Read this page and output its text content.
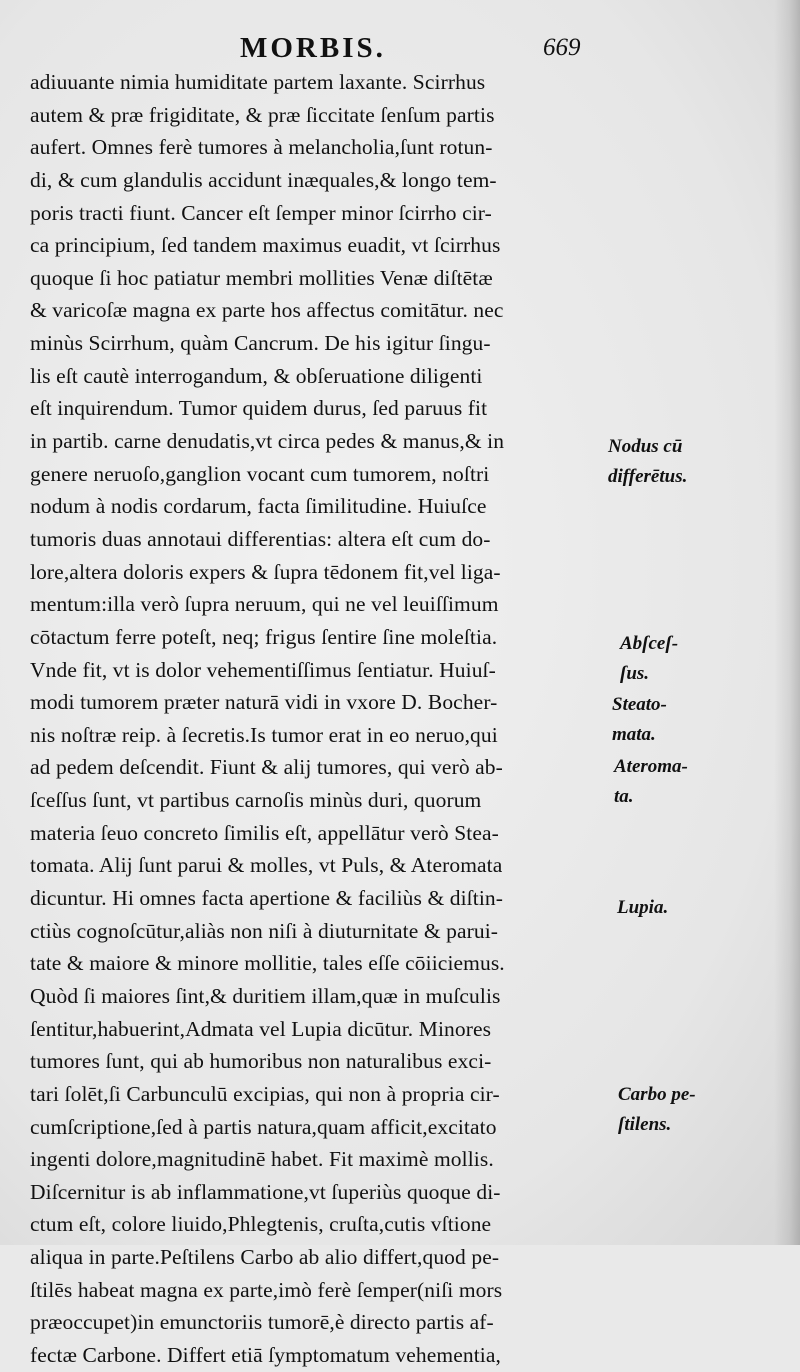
MORBIS.	669
adiuuante nimia humiditate partem laxante. Scirrhus
autem & præ frigiditate, & præ ſiccitate ſenſum partis
aufert. Omnes ferè tumores à melancholia,ſunt rotun-
di, & cum glandulis accidunt inæquales,& longo tem-
poris tracti fiunt. Cancer eſt ſemper minor ſcirrho cir-
ca principium, ſed tandem maximus euadit, vt ſcirrhus
quoque ſi hoc patiatur membri mollities Venæ diſtētæ
& varicoſæ magna ex parte hos affectus comitātur. nec
minùs Scirrhum, quàm Cancrum. De his igitur ſingu-
lis eſt cautè interrogandum, & obſeruatione diligenti
eſt inquirendum. Tumor quidem durus, ſed paruus fit
in partib. carne denudatis,vt circa pedes & manus,& in
genere neruoſo,ganglion vocant cum tumorem, noſtri
nodum à nodis cordarum, facta ſimilitudine. Huiuſce
tumoris duas annotaui differentias: altera eſt cum do-
lore,altera doloris expers & ſupra tēdonem fit,vel liga-
mentum:illa verò ſupra neruum, qui ne vel leuiſſimum
cōtactum ferre poteſt, neq; frigus ſentire ſine moleſtia.
Vnde fit, vt is dolor vehementiſſimus ſentiatur. Huiuſ-
modi tumorem præter naturā vidi in vxore D. Bocher-
nis noſtræ reip. à ſecretis.Is tumor erat in eo neruo,qui
ad pedem deſcendit. Fiunt & alij tumores, qui verò ab-
ſceſſus ſunt, vt partibus carnoſis minùs duri, quorum
materia ſeuo concreto ſimilis eſt, appellātur verò Stea-
tomata. Alij ſunt parui & molles, vt Puls, & Ateromata
dicuntur. Hi omnes facta apertione & faciliùs & diſtin-
ctiùs cognoſcūtur,aliàs non niſi à diuturnitate & parui-
tate & maiore & minore mollitie, tales eſſe cōiiciemus.
Quòd ſi maiores ſint,& duritiem illam,quæ in muſculis
ſentitur,habuerint,Admata vel Lupia dicūtur. Minores
tumores ſunt, qui ab humoribus non naturalibus exci-
tari ſolēt,ſi Carbunculū excipias, qui non à propria cir-
cumſcriptione,ſed à partis natura,quam afficit,excitato
ingenti dolore,magnitudinē habet. Fit maximè mollis.
Diſcernitur is ab inflammatione,vt ſuperiùs quoque di-
ctum eſt, colore liuido,Phlegtenis, cruſta,cutis vſtione
aliqua in parte.Peſtilens Carbo ab alio differt,quod pe-
ſtilēs habeat magna ex parte,imò ferè ſemper(niſi mors
præoccupet)in emunctoriis tumorē,è directo partis af-
fectæ Carbone. Differt etiā ſymptomatum vehementia,
Nodus cū
differētus.
Abſceſ-
ſus.
Steato-
mata.
Ateroma-
ta.
Lupia.
Carbo pe-
ſtilens.
